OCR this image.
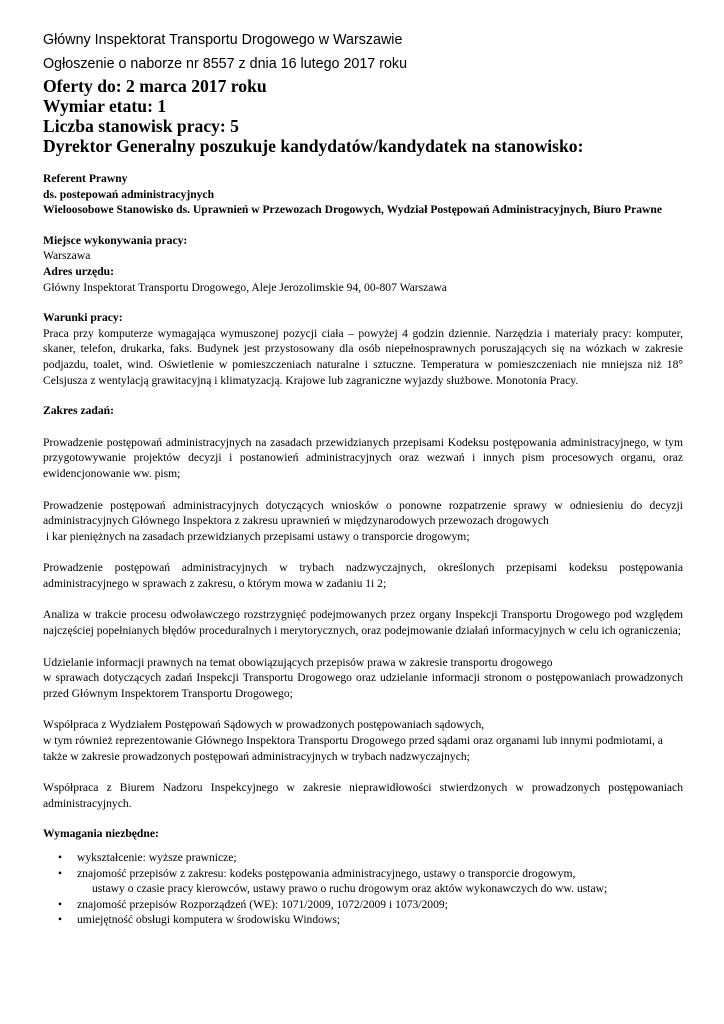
Główny Inspektorat Transportu Drogowego w Warszawie
Ogłoszenie o naborze nr 8557 z dnia 16 lutego 2017 roku
Oferty do: 2 marca 2017 roku
Wymiar etatu: 1
Liczba stanowisk pracy: 5
Dyrektor Generalny poszukuje kandydatów/kandydatek na stanowisko:
Referent Prawny
ds. postepowań administracyjnych
Wieloosobowe Stanowisko ds. Uprawnień w Przewozach Drogowych, Wydział Postępowań Administracyjnych, Biuro Prawne
Miejsce wykonywania pracy:
Warszawa
Adres urzędu:
Główny Inspektorat Transportu Drogowego, Aleje Jerozolimskie 94, 00-807 Warszawa
Warunki pracy:
Praca przy komputerze wymagająca wymuszonej pozycji ciała – powyżej 4 godzin dziennie. Narzędzia i materiały pracy: komputer, skaner, telefon, drukarka, faks. Budynek jest przystosowany dla osób niepełnosprawnych poruszających się na wózkach w zakresie podjazdu, toalet, wind. Oświetlenie w pomieszczeniach naturalne i sztuczne. Temperatura w pomieszczeniach nie mniejsza niż 18° Celsjusza z wentylacją grawitacyjną i klimatyzacją. Krajowe lub zagraniczne wyjazdy służbowe. Monotonia Pracy.
Zakres zadań:
Prowadzenie postępowań administracyjnych na zasadach przewidzianych przepisami Kodeksu postępowania administracyjnego, w tym przygotowywanie projektów decyzji i postanowień administracyjnych oraz wezwań i innych pism procesowych organu, oraz ewidencjonowanie ww. pism;
Prowadzenie postępowań administracyjnych dotyczących wniosków o ponowne rozpatrzenie sprawy w odniesieniu do decyzji administracyjnych Głównego Inspektora z zakresu uprawnień w międzynarodowych przewozach drogowych
i kar pieniężnych na zasadach przewidzianych przepisami ustawy o transporcie drogowym;
Prowadzenie postępowań administracyjnych w trybach nadzwyczajnych, określonych przepisami kodeksu postępowania administracyjnego w sprawach z zakresu, o którym mowa w zadaniu 1i 2;
Analiza w trakcie procesu odwoławczego rozstrzygnięć podejmowanych przez organy Inspekcji Transportu Drogowego pod względem najczęściej popełnianych błędów proceduralnych i merytorycznych, oraz podejmowanie działań informacyjnych w celu ich ograniczenia;
Udzielanie informacji prawnych na temat obowiązujących przepisów prawa w zakresie transportu drogowego
w sprawach dotyczących zadań Inspekcji Transportu Drogowego oraz udzielanie informacji stronom o postępowaniach prowadzonych przed Głównym Inspektorem Transportu Drogowego;
Współpraca z Wydziałem Postępowań Sądowych w prowadzonych postępowaniach sądowych,
w tym również reprezentowanie Głównego Inspektora Transportu Drogowego przed sądami oraz organami lub innymi podmiotami, a także w zakresie prowadzonych postępowań administracyjnych w trybach nadzwyczajnych;
Współpraca z Biurem Nadzoru Inspekcyjnego w zakresie nieprawidłowości stwierdzonych w prowadzonych postępowaniach administracyjnych.
Wymagania niezbędne:
• wykształcenie: wyższe prawnicze;
• znajomość przepisów z zakresu: kodeks postępowania administracyjnego, ustawy o transporcie drogowym,
ustawy o czasie pracy kierowców, ustawy prawo o ruchu drogowym oraz aktów wykonawczych do ww. ustaw;
• znajomość przepisów Rozporządzeń (WE): 1071/2009, 1072/2009 i 1073/2009;
• umiejętność obsługi komputera w środowisku Windows;
